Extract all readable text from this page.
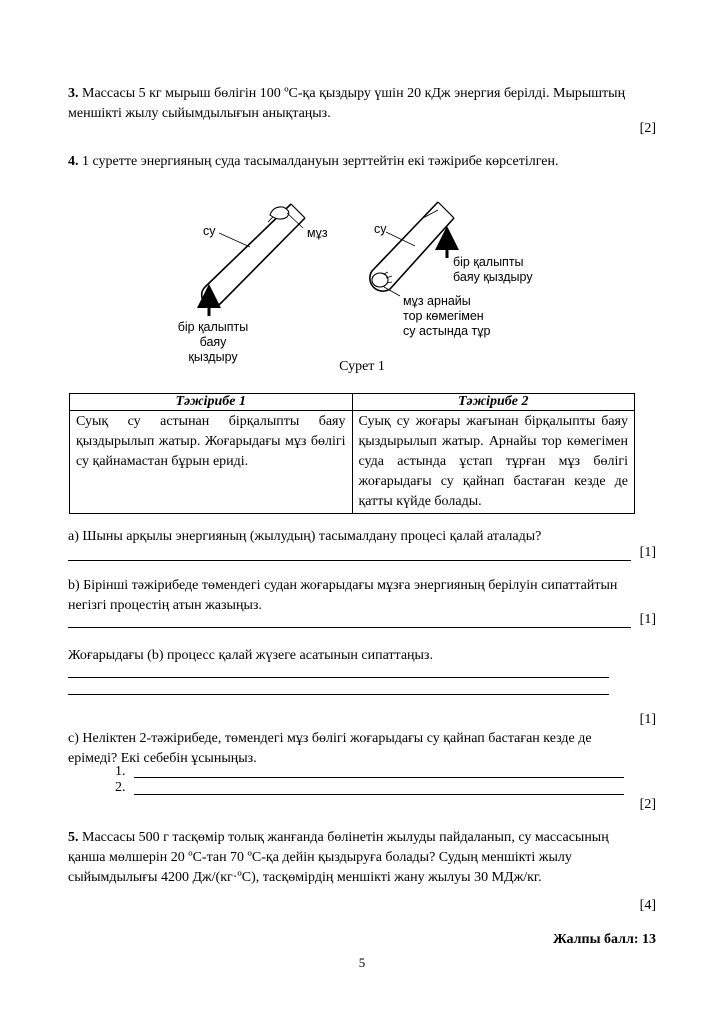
3. Массасы 5 кг мырыш бөлігін 100 ºС-қа қыздыру үшін 20 кДж энергия берілді. Мырыштың
меншікті жылу сыйымдылығын анықтаңыз.
[2]
4. 1 суретте энергияның суда тасымалдануын зерттейтін екі тәжірибе көрсетілген.
су	мұз
бір қалыпты
баяу қыздыру
су
бір қалыпты
баяу қыздыру
мұз арнайы
тор көмегімен
су астында тұр
Сурет 1
Тәжірибе 1	Тәжірибе 2
Суық су астынан бірқалыпты баяу қыздырылып жатыр. Жоғарыдағы мұз бөлігі су қайнамастан бұрын ериді.	Суық су жоғары жағынан бірқалыпты баяу қыздырылып жатыр. Арнайы тор көмегімен суда астында ұстап тұрған мұз бөлігі жоғарыдағы су қайнап бастаған кезде де қатты күйде болады.
a) Шыны арқылы энергияның (жылудың) тасымалдану процесі қалай аталады?
[1]
b) Бірінші тәжірибеде төмендегі судан жоғарыдағы мұзға энергияның берілуін сипаттайтын
негізгі процестің атын жазыңыз.
[1]
Жоғарыдағы (b) процесс қалай жүзеге асатынын сипаттаңыз.
[1]
c) Неліктен 2-тәжірибеде, төмендегі мұз бөлігі жоғарыдағы су қайнап бастаған кезде де
ерімеді? Екі себебін ұсыныңыз.
1.
2.
[2]
5. Массасы 500 г тасқөмір толық жанғанда бөлінетін жылуды пайдаланып, су массасының
қанша мөлшерін 20 ºС-тан 70 ºС-қа дейін қыздыруға болады? Судың меншікті жылу
сыйымдылығы 4200 Дж/(кг·ºС), тасқөмірдің меншікті жану жылуы 30 МДж/кг.
[4]
Жалпы балл: 13
5
